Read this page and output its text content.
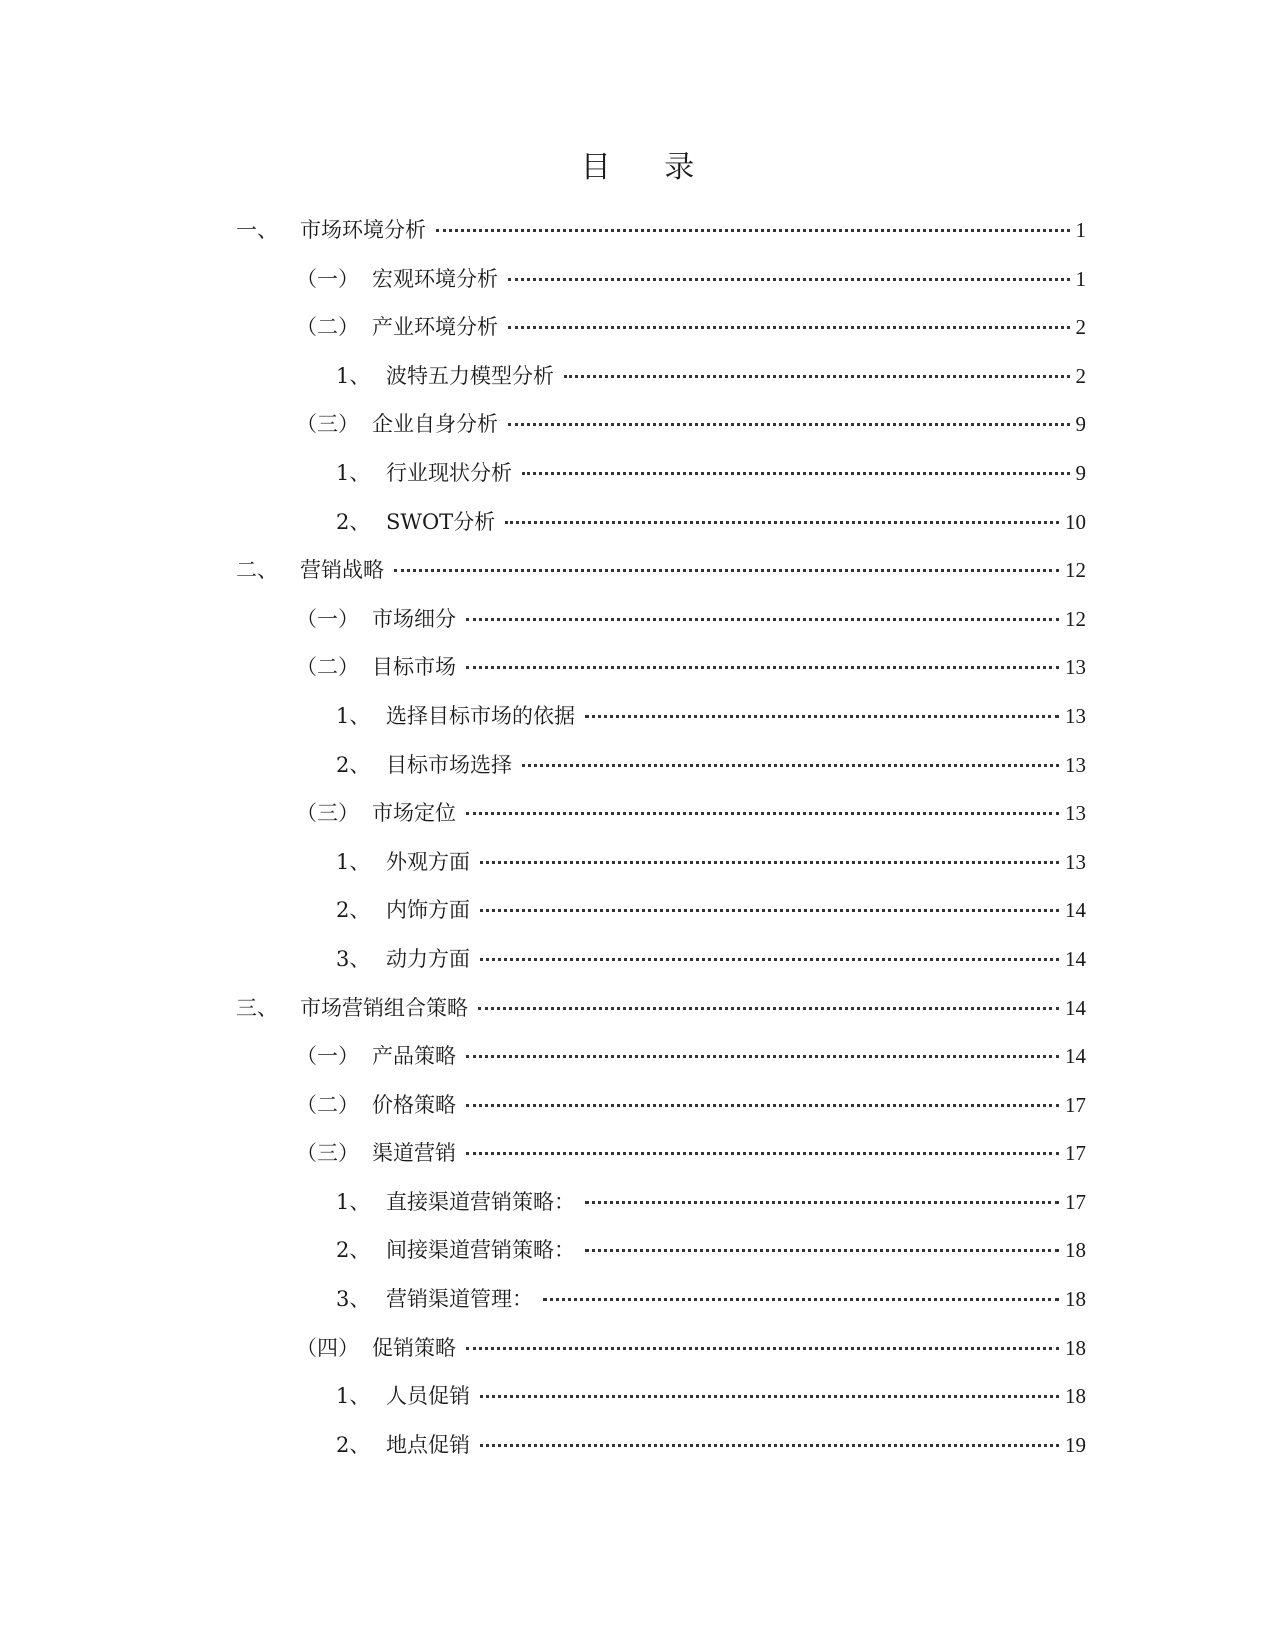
目 录
一、	市场环境分析	1
（一） 宏观环境分析	1
（二） 产业环境分析	2
1、 波特五力模型分析	2
（三） 企业自身分析	9
1、 行业现状分析	9
2、 SWOT分析	10
二、	营销战略	12
（一） 市场细分	12
（二） 目标市场	13
1、 选择目标市场的依据	13
2、 目标市场选择	13
（三） 市场定位	13
1、 外观方面	13
2、 内饰方面	14
3、 动力方面	14
三、	市场营销组合策略	14
（一） 产品策略	14
（二） 价格策略	17
（三） 渠道营销	17
1、 直接渠道营销策略：	17
2、 间接渠道营销策略：	18
3、 营销渠道管理：	18
（四） 促销策略	18
1、 人员促销	18
2、 地点促销	19
